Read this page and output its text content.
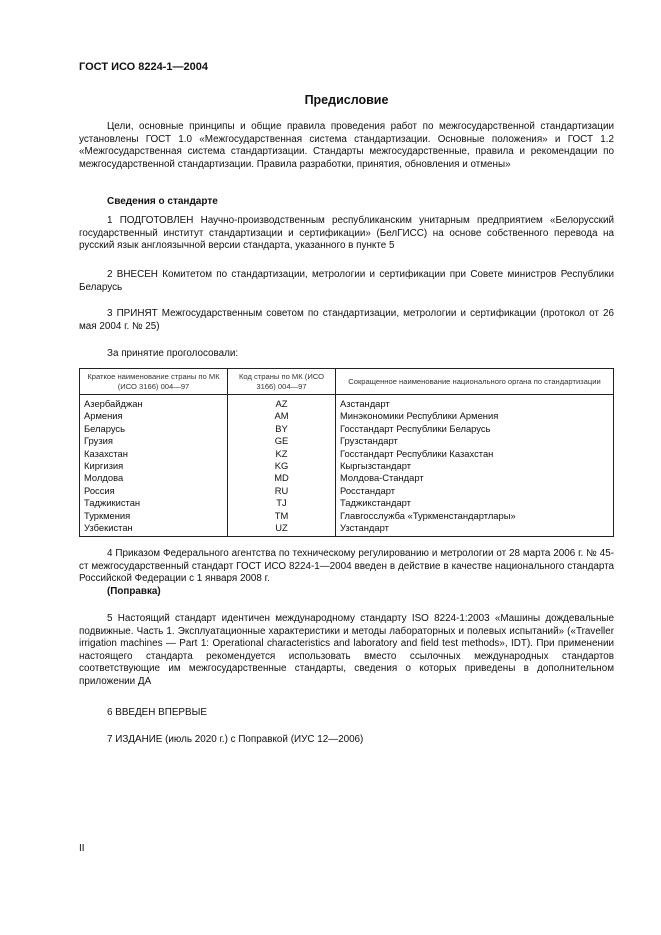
ГОСТ ИСО 8224-1—2004
Предисловие

Цели, основные принципы и общие правила проведения работ по межгосударственной стандартизации установлены ГОСТ 1.0 «Межгосударственная система стандартизации. Основные положения» и ГОСТ 1.2 «Межгосударственная система стандартизации. Стандарты межгосударственные, правила и рекомендации по межгосударственной стандартизации. Правила разработки, принятия, обновления и отмены»

Сведения о стандарте

1 ПОДГОТОВЛЕН Научно-производственным республиканским унитарным предприятием «Белорусский государственный институт стандартизации и сертификации» (БелГИСС) на основе собственного перевода на русский язык англоязычной версии стандарта, указанного в пункте 5

2 ВНЕСЕН Комитетом по стандартизации, метрологии и сертификации при Совете министров Республики Беларусь

3 ПРИНЯТ Межгосударственным советом по стандартизации, метрологии и сертификации (протокол от 26 мая 2004 г. № 25)

За принятие проголосовали:
Краткое наименование страны по МК (ИСО 3166) 004—97	Код страны по МК (ИСО 3166) 004—97	Сокращенное наименование национального органа по стандартизации
Азербайджан	AZ	Азстандарт
Армения	AM	Минэкономики Республики Армения
Беларусь	BY	Госстандарт Республики Беларусь
Грузия	GE	Грузстандарт
Казахстан	KZ	Госстандарт Республики Казахстан
Киргизия	KG	Кыргызстандарт
Молдова	MD	Молдова-Стандарт
Россия	RU	Росстандарт
Таджикистан	TJ	Таджикстандарт
Туркмения	TM	Главгосслужба «Туркменстандартлары»
Узбекистан	UZ	Узстандарт

4 Приказом Федерального агентства по техническому регулированию и метрологии от 28 марта 2006 г. № 45-ст межгосударственный стандарт ГОСТ ИСО 8224-1—2004 введен в действие в качестве национального стандарта Российской Федерации с 1 января 2008 г.

(Поправка)

5 Настоящий стандарт идентичен международному стандарту ISO 8224-1:2003 «Машины дождевальные подвижные. Часть 1. Эксплуатационные характеристики и методы лабораторных и полевых испытаний» («Traveller irrigation machines — Part 1: Operational characteristics and laboratory and field test methods», IDT). При применении настоящего стандарта рекомендуется использовать вместо ссылочных международных стандартов соответствующие им межгосударственные стандарты, сведения о которых приведены в дополнительном приложении ДА

6 ВВЕДЕН ВПЕРВЫЕ
7 ИЗДАНИЕ (июль 2020 г.) с Поправкой (ИУС 12—2006)
II
